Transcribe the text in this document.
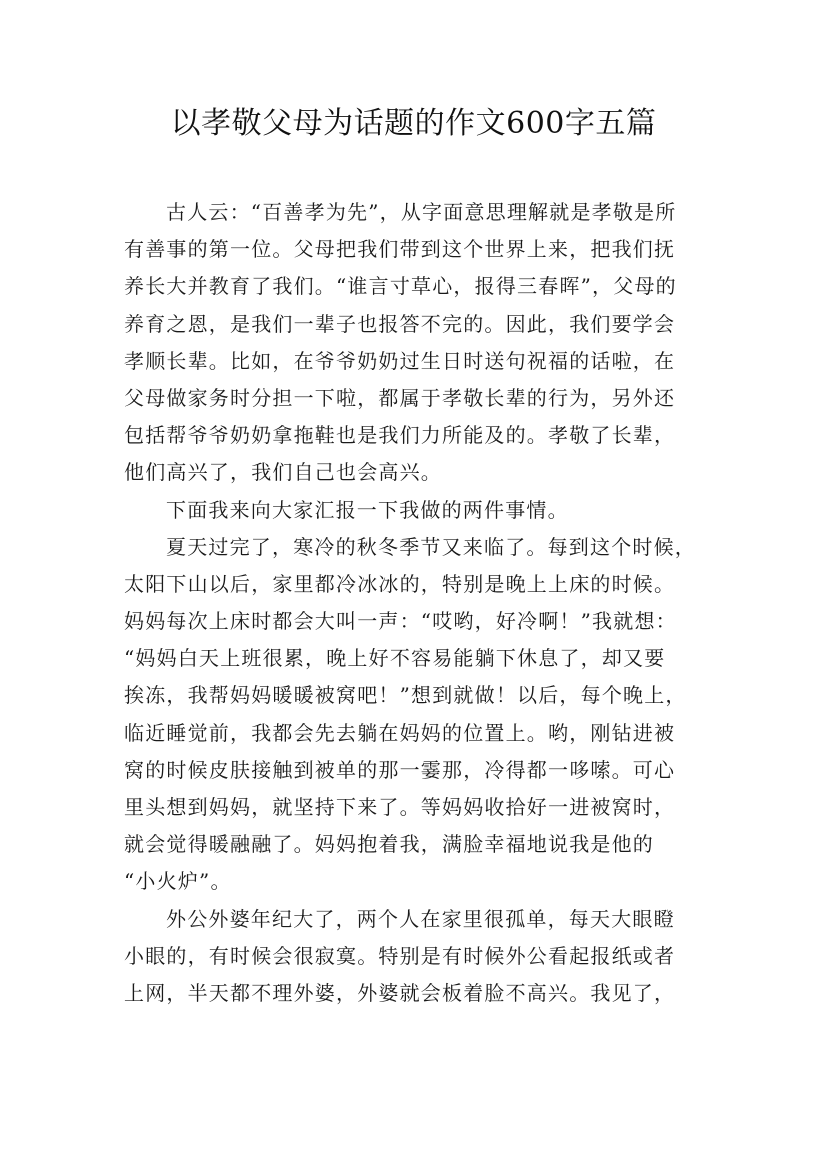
以孝敬父母为话题的作文600字五篇
古人云：“百善孝为先”，从字面意思理解就是孝敬是所
有善事的第一位。父母把我们带到这个世界上来，把我们抚
养长大并教育了我们。“谁言寸草心，报得三春晖”，父母的
养育之恩，是我们一辈子也报答不完的。因此，我们要学会
孝顺长辈。比如，在爷爷奶奶过生日时送句祝福的话啦，在
父母做家务时分担一下啦，都属于孝敬长辈的行为，另外还
包括帮爷爷奶奶拿拖鞋也是我们力所能及的。孝敬了长辈，
他们高兴了，我们自己也会高兴。
下面我来向大家汇报一下我做的两件事情。
夏天过完了，寒冷的秋冬季节又来临了。每到这个时候，
太阳下山以后，家里都冷冰冰的，特别是晚上上床的时候。
妈妈每次上床时都会大叫一声：“哎哟，好冷啊！”我就想：
“妈妈白天上班很累，晚上好不容易能躺下休息了，却又要
挨冻，我帮妈妈暖暖被窝吧！”想到就做！以后，每个晚上，
临近睡觉前，我都会先去躺在妈妈的位置上。哟，刚钻进被
窝的时候皮肤接触到被单的那一霎那，冷得都一哆嗦。可心
里头想到妈妈，就坚持下来了。等妈妈收拾好一进被窝时，
就会觉得暖融融了。妈妈抱着我，满脸幸福地说我是他的
“小火炉”。
外公外婆年纪大了，两个人在家里很孤单，每天大眼瞪
小眼的，有时候会很寂寞。特别是有时候外公看起报纸或者
上网，半天都不理外婆，外婆就会板着脸不高兴。我见了，
